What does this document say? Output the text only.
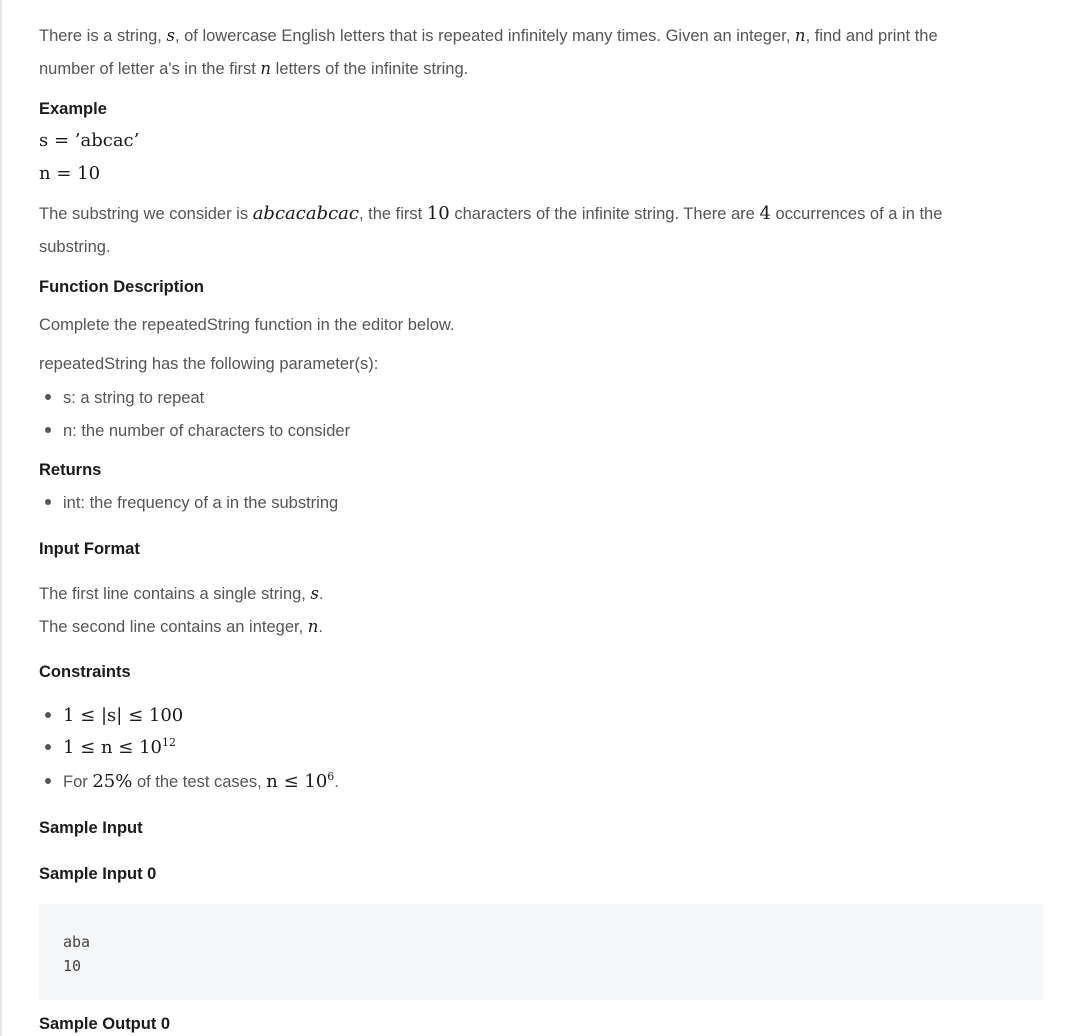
There is a string, s, of lowercase English letters that is repeated infinitely many times. Given an integer, n, find and print the

number of letter a's in the first n letters of the infinite string.

Example

s = ’abcac’

n = 10

The substring we consider is abcacabcac, the first 10 characters of the infinite string. There are 4 occurrences of a in the

substring.

Function Description

Complete the repeatedString function in the editor below.

repeatedString has the following parameter(s):

s: a string to repeat
n: the number of characters to consider
Returns
int: the frequency of a in the substring
Input Format

The first line contains a single string, s.

The second line contains an integer, n.

Constraints
1 ≤ |s| ≤ 100
$1 \le n \le 10^{12}$
For 25% of the test cases, $n \le 10^6$.
Sample Input
Sample Input 0
aba
10
Sample Output 0
